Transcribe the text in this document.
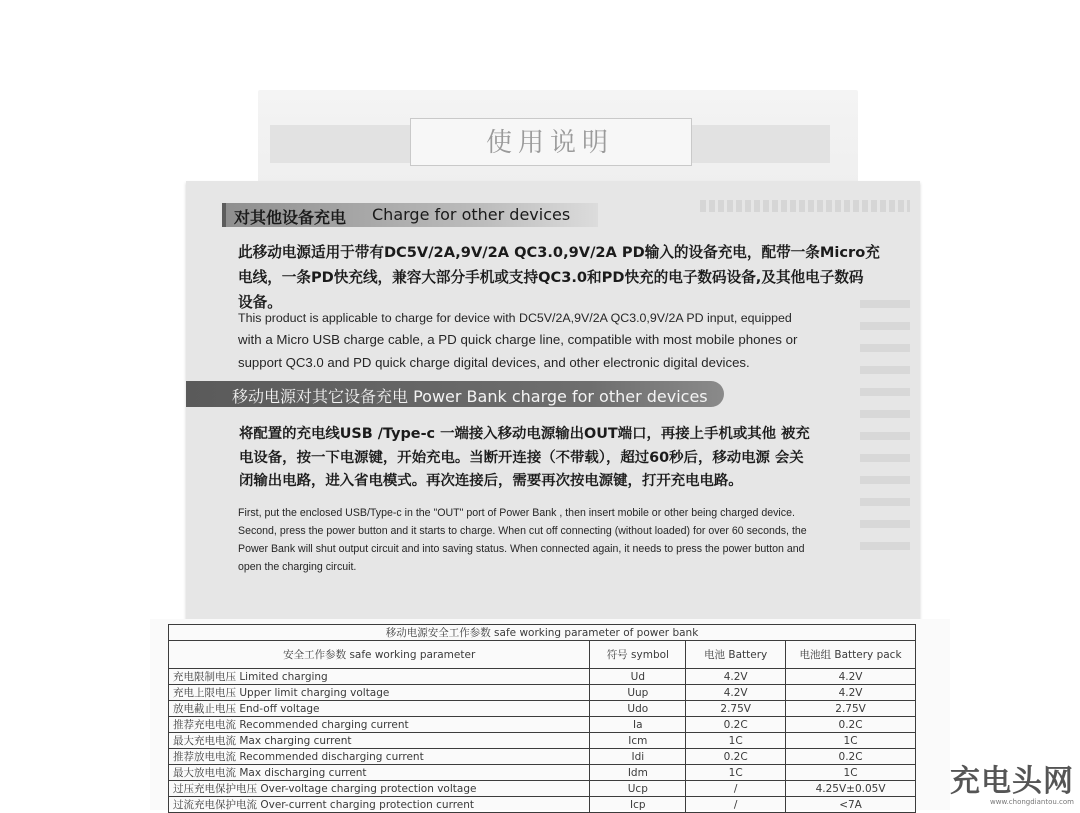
使用说明
对其他设备充电 Charge for other devices
此移动电源适用于带有DC5V/2A,9V/2A QC3.0,9V/2A PD输入的设备充电，配带一条Micro充
电线，一条PD快充线，兼容大部分手机或支持QC3.0和PD快充的电子数码设备,及其他电子数码
设备。
This product is applicable to charge for device with DC5V/2A,9V/2A QC3.0,9V/2A PD input, equipped
with a Micro USB charge cable, a PD quick charge line, compatible with most mobile phones or
support QC3.0 and PD quick charge digital devices, and other electronic digital devices.
移动电源对其它设备充电 Power Bank charge for other devices
将配置的充电线USB /Type-c 一端接入移动电源输出OUT端口，再接上手机或其他 被充
电设备，按一下电源键，开始充电。当断开连接（不带载），超过60秒后，移动电源 会关
闭输出电路，进入省电模式。再次连接后，需要再次按电源键，打开充电电路。
First, put the enclosed USB/Type-c in the "OUT" port of Power Bank , then insert mobile or other being charged device.
Second, press the power button and it starts to charge. When cut off connecting (without loaded) for over 60 seconds, the
Power Bank will shut output circuit and into saving status. When connected again, it needs to press the power button and
open the charging circuit.
移动电源安全工作参数 safe working parameter of power bank			
安全工作参数 safe working parameter	符号 symbol	电池 Battery	电池组 Battery pack
充电限制电压 Limited charging	Ud	4.2V	4.2V
充电上限电压 Upper limit charging voltage	Uup	4.2V	4.2V
放电截止电压 End-off voltage	Udo	2.75V	2.75V
推荐充电电流 Recommended charging current	Ia	0.2C	0.2C
最大充电电流 Max charging current	Icm	1C	1C
推荐放电电流 Recommended discharging current	Idi	0.2C	0.2C
最大放电电流 Max discharging current	Idm	1C	1C
过压充电保护电压 Over-voltage charging protection voltage	Ucp	/	4.25V±0.05V
过流充电保护电流 Over-current charging protection current	Icp	/	<7A
充电头网
www.chongdiantou.com
